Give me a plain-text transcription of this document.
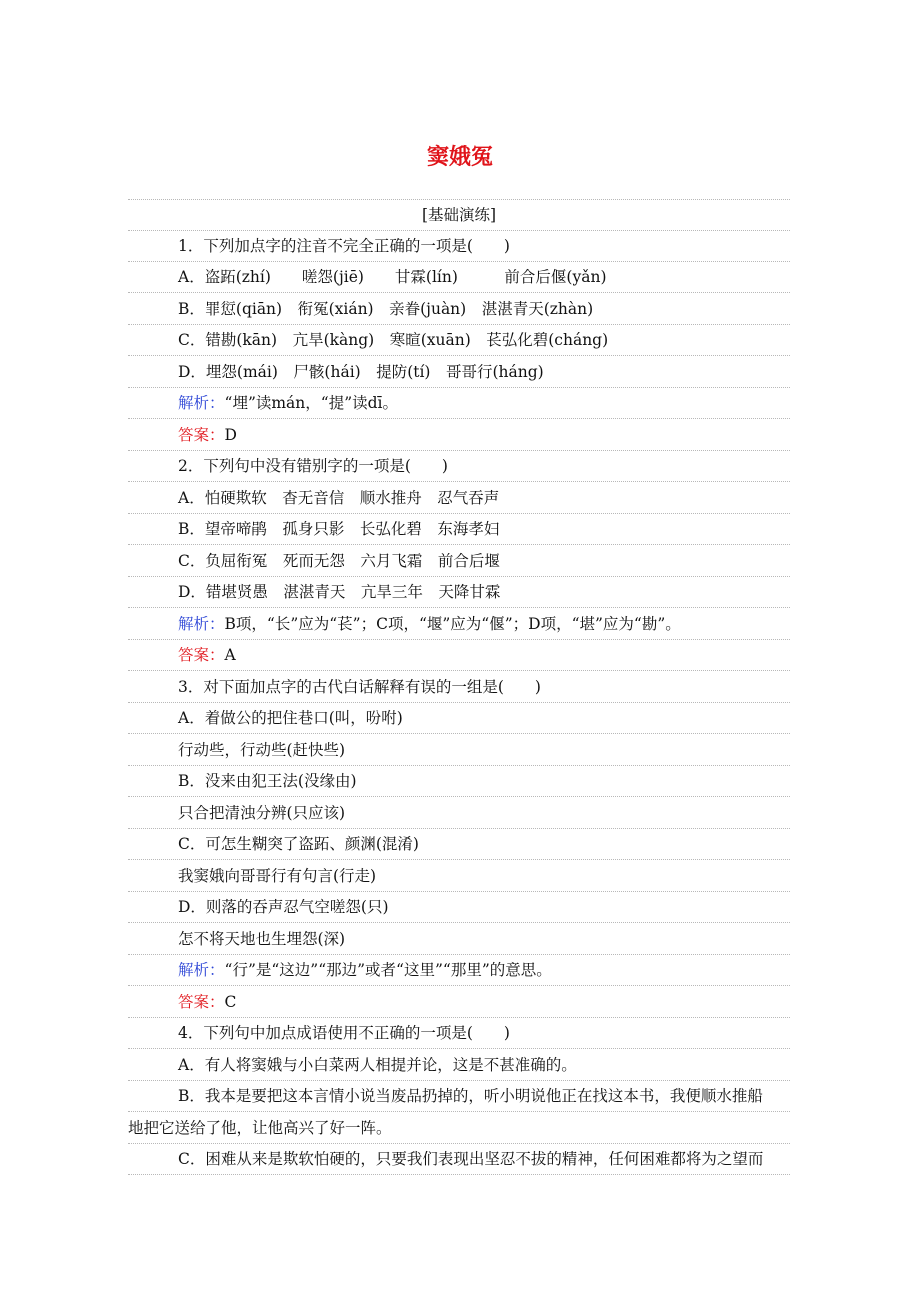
窦娥冤
[基础演练]
1．下列加点字的注音不完全正确的一项是(　　)
A．盗跖(zhí)　　嗟怨(jiē)　　甘霖(lín)　　　前合后偃(yǎn)
B．罪愆(qiān)　衔冤(xián)　亲眷(juàn)　湛湛青天(zhàn)
C．错勘(kān)　亢旱(kàng)　寒暄(xuān)　苌弘化碧(cháng)
D．埋怨(mái)　尸骸(hái)　提防(tí)　哥哥行(háng)
解析：“埋”读mán，“提”读dī。
答案：D
2．下列句中没有错别字的一项是(　　)
A．怕硬欺软　杳无音信　顺水推舟　忍气吞声
B．望帝啼鹃　孤身只影　长弘化碧　东海孝妇
C．负屈衔冤　死而无怨　六月飞霜　前合后堰
D．错堪贤愚　湛湛青天　亢旱三年　天降甘霖
解析：B项，“长”应为“苌”；C项，“堰”应为“偃”；D项，“堪”应为“勘”。
答案：A
3．对下面加点字的古代白话解释有误的一组是(　　)
A．着做公的把住巷口(叫，吩咐)
行动些，行动些(赶快些)
B．没来由犯王法(没缘由)
只合把清浊分辨(只应该)
C．可怎生糊突了盗跖、颜渊(混淆)
我窦娥向哥哥行有句言(行走)
D．则落的吞声忍气空嗟怨(只)
怎不将天地也生埋怨(深)
解析：“行”是“这边”“那边”或者“这里”“那里”的意思。
答案：C
4．下列句中加点成语使用不正确的一项是(　　)
A．有人将窦娥与小白菜两人相提并论，这是不甚准确的。
B．我本是要把这本言情小说当废品扔掉的，听小明说他正在找这本书，我便顺水推船
地把它送给了他，让他高兴了好一阵。
C．困难从来是欺软怕硬的，只要我们表现出坚忍不拔的精神，任何困难都将为之望而
